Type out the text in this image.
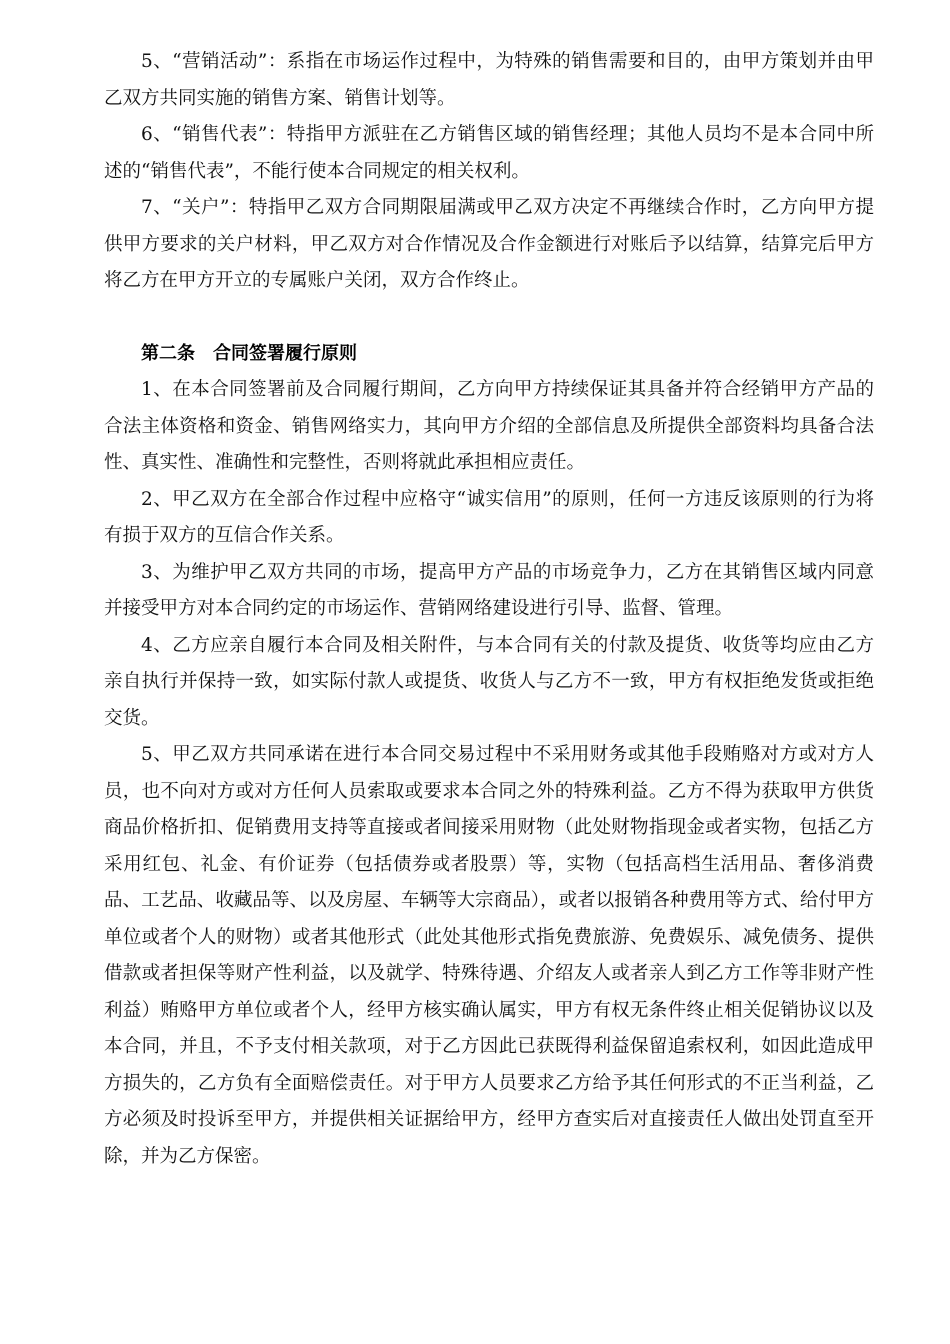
5、“营销活动”：系指在市场运作过程中，为特殊的销售需要和目的，由甲方策划并由甲乙双方共同实施的销售方案、销售计划等。

6、“销售代表”：特指甲方派驻在乙方销售区域的销售经理；其他人员均不是本合同中所述的“销售代表”，不能行使本合同规定的相关权利。

7、“关户”：特指甲乙双方合同期限届满或甲乙双方决定不再继续合作时，乙方向甲方提供甲方要求的关户材料，甲乙双方对合作情况及合作金额进行对账后予以结算，结算完后甲方将乙方在甲方开立的专属账户关闭，双方合作终止。

第二条 合同签署履行原则

1、在本合同签署前及合同履行期间，乙方向甲方持续保证其具备并符合经销甲方产品的合法主体资格和资金、销售网络实力，其向甲方介绍的全部信息及所提供全部资料均具备合法性、真实性、准确性和完整性，否则将就此承担相应责任。

2、甲乙双方在全部合作过程中应格守“诚实信用”的原则，任何一方违反该原则的行为将有损于双方的互信合作关系。

3、为维护甲乙双方共同的市场，提高甲方产品的市场竞争力，乙方在其销售区域内同意并接受甲方对本合同约定的市场运作、营销网络建设进行引导、监督、管理。

4、乙方应亲自履行本合同及相关附件，与本合同有关的付款及提货、收货等均应由乙方亲自执行并保持一致，如实际付款人或提货、收货人与乙方不一致，甲方有权拒绝发货或拒绝交货。

5、甲乙双方共同承诺在进行本合同交易过程中不采用财务或其他手段贿赂对方或对方人员，也不向对方或对方任何人员索取或要求本合同之外的特殊利益。乙方不得为获取甲方供货商品价格折扣、促销费用支持等直接或者间接采用财物（此处财物指现金或者实物，包括乙方采用红包、礼金、有价证券（包括债券或者股票）等，实物（包括高档生活用品、奢侈消费品、工艺品、收藏品等、以及房屋、车辆等大宗商品），或者以报销各种费用等方式、给付甲方单位或者个人的财物）或者其他形式（此处其他形式指免费旅游、免费娱乐、减免债务、提供借款或者担保等财产性利益，以及就学、特殊待遇、介绍友人或者亲人到乙方工作等非财产性利益）贿赂甲方单位或者个人，经甲方核实确认属实，甲方有权无条件终止相关促销协议以及本合同，并且，不予支付相关款项，对于乙方因此已获既得利益保留追索权利，如因此造成甲方损失的，乙方负有全面赔偿责任。对于甲方人员要求乙方给予其任何形式的不正当利益，乙方必须及时投诉至甲方，并提供相关证据给甲方，经甲方查实后对直接责任人做出处罚直至开除，并为乙方保密。
